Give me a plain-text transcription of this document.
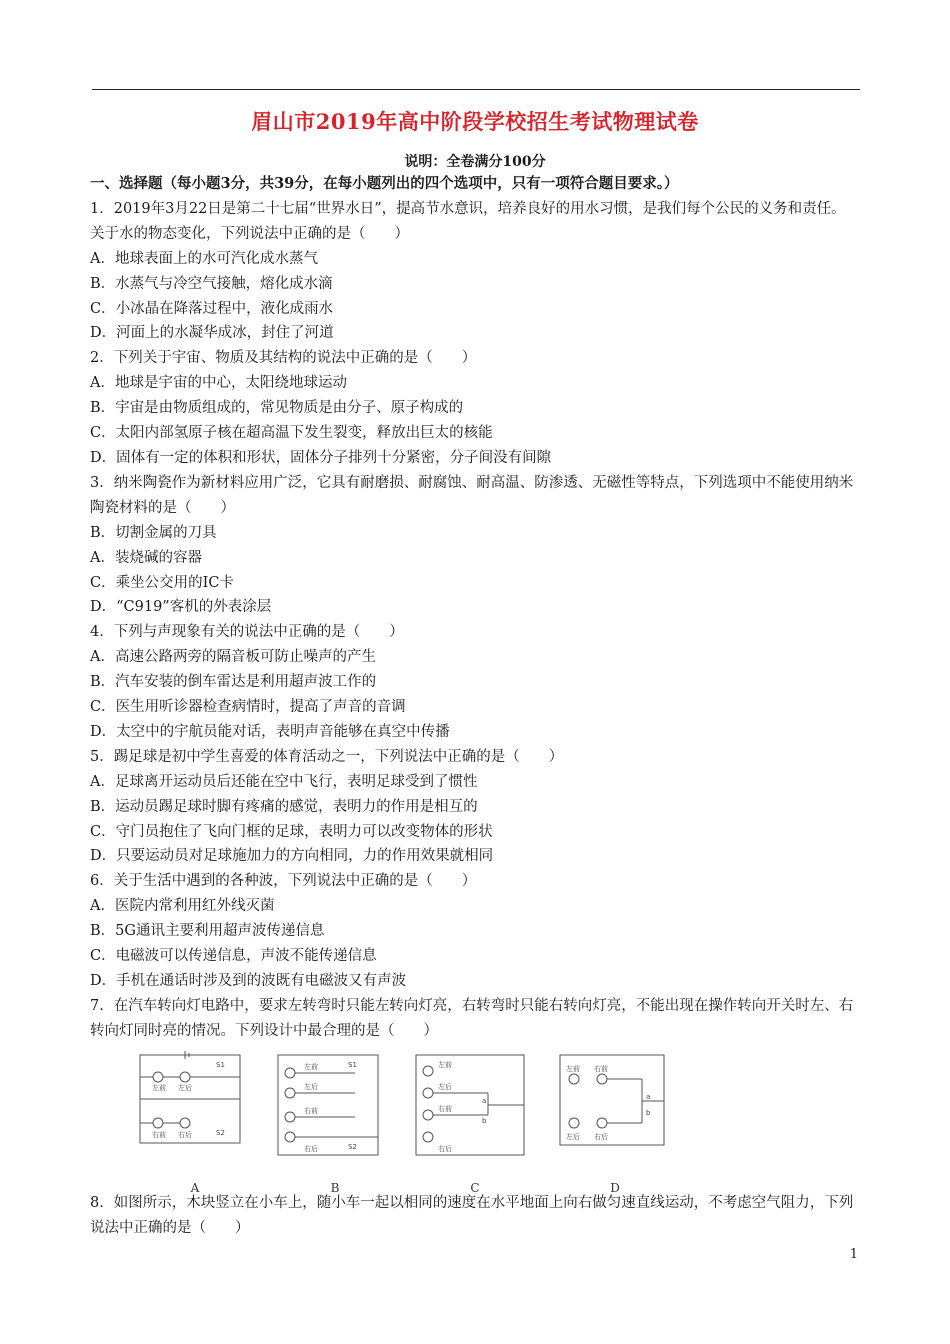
眉山市2019年高中阶段学校招生考试物理试卷
说明：全卷满分100分
一、选择题（每小题3分，共39分，在每小题列出的四个选项中，只有一项符合题目要求。）
1．2019年3月22日是第二十七届“世界水日”，提高节水意识，培养良好的用水习惯，是我们每个公民的义务和责任。关于水的物态变化，下列说法中正确的是（　　）
A．地球表面上的水可汽化成水蒸气
B．水蒸气与冷空气接触，熔化成水滴
C．小冰晶在降落过程中，液化成雨水
D．河面上的水凝华成冰，封住了河道
2．下列关于宇宙、物质及其结构的说法中正确的是（　　）
A．地球是宇宙的中心，太阳绕地球运动
B．宇宙是由物质组成的，常见物质是由分子、原子构成的
C．太阳内部氢原子核在超高温下发生裂变，释放出巨太的核能
D．固体有一定的体积和形状，固体分子排列十分紧密，分子间没有间隙
3．纳米陶瓷作为新材料应用广泛，它具有耐磨损、耐腐蚀、耐高温、防渗透、无磁性等特点，下列选项中不能使用纳米陶瓷材料的是（　　）
B．切割金属的刀具
A．装烧碱的容器
C．乘坐公交用的IC卡
D．“C919”客机的外表涂层
4．下列与声现象有关的说法中正确的是（　　）
A．高速公路两旁的隔音板可防止噪声的产生
B．汽车安装的倒车雷达是利用超声波工作的
C．医生用听诊器检查病情时，提高了声音的音调
D．太空中的宇航员能对话，表明声音能够在真空中传播
5．踢足球是初中学生喜爱的体育活动之一，下列说法中正确的是（　　）
A．足球离开运动员后还能在空中飞行，表明足球受到了惯性
B．运动员踢足球时脚有疼痛的感觉，表明力的作用是相互的
C．守门员抱住了飞向门框的足球，表明力可以改变物体的形状
D．只要运动员对足球施加力的方向相同，力的作用效果就相同
6．关于生活中遇到的各种波，下列说法中正确的是（　　）
A．医院内常利用红外线灭菌
B．5G通讯主要利用超声波传递信息
C．电磁波可以传递信息，声波不能传递信息
D．手机在通话时涉及到的波既有电磁波又有声波
7．在汽车转向灯电路中，要求左转弯时只能左转向灯亮，右转弯时只能右转向灯亮，不能出现在操作转向开关时左、右转向灯同时亮的情况。下列设计中最合理的是（　　）
左前 左后
右前 右后
S1
S2
A
左前
左后
右前
右后
S1
S2
B
左前
左后
右前
右后
a
b
C
左前 右前
左后 右后
a
b
D
8．如图所示，木块竖立在小车上，随小车一起以相同的速度在水平地面上向右做匀速直线运动，不考虑空气阻力，下列说法中正确的是（　　）
1
